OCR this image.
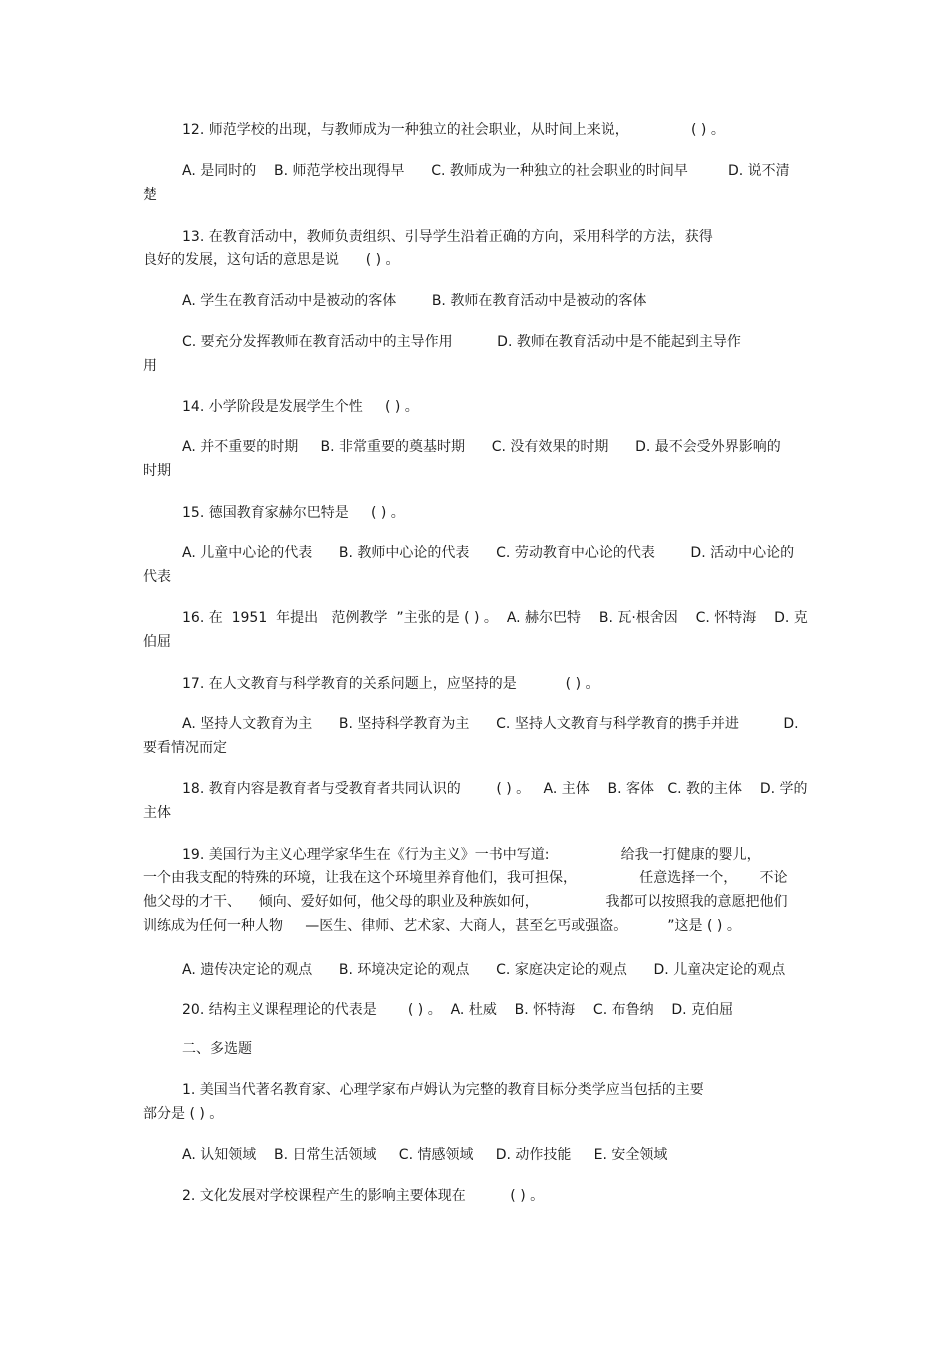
12. 师范学校的出现，与教师成为一种独立的社会职业，从时间上来说，              ( ) 。
A. 是同时的    B. 师范学校出现得早      C. 教师成为一种独立的社会职业的时间早         D. 说不清
楚
13. 在教育活动中，教师负责组织、引导学生沿着正确的方向，采用科学的方法，获得
良好的发展，这句话的意思是说      ( ) 。
A. 学生在教育活动中是被动的客体        B. 教师在教育活动中是被动的客体
C. 要充分发挥教师在教育活动中的主导作用          D. 教师在教育活动中是不能起到主导作
用
14. 小学阶段是发展学生个性     ( ) 。
A. 并不重要的时期     B. 非常重要的奠基时期      C. 没有效果的时期      D. 最不会受外界影响的
时期
15. 德国教育家赫尔巴特是     ( ) 。
A. 儿童中心论的代表      B. 教师中心论的代表      C. 劳动教育中心论的代表        D. 活动中心论的
代表
16. 在  1951  年提出   范例教学  ”主张的是 ( ) 。  A. 赫尔巴特    B. 瓦·根舍因    C. 怀特海    D. 克
伯屈
17. 在人文教育与科学教育的关系问题上，应坚持的是           ( ) 。
A. 坚持人文教育为主      B. 坚持科学教育为主      C. 坚持人文教育与科学教育的携手并进          D.
要看情况而定
18. 教育内容是教育者与受教育者共同认识的        ( ) 。   A. 主体    B. 客体   C. 教的主体    D. 学的
主体
19. 美国行为主义心理学家华生在《行为主义》一书中写道:                给我一打健康的婴儿，
一个由我支配的特殊的环境，让我在这个环境里养育他们，我可担保，              任意选择一个，     不论
他父母的才干、    倾向、爱好如何，他父母的职业及种族如何，               我都可以按照我的意愿把他们
训练成为任何一种人物     —医生、律师、艺术家、大商人，甚至乞丐或强盗。         ”这是 ( ) 。
A. 遗传决定论的观点      B. 环境决定论的观点      C. 家庭决定论的观点      D. 儿童决定论的观点
20. 结构主义课程理论的代表是       ( ) 。  A. 杜威    B. 怀特海    C. 布鲁纳    D. 克伯屈
二、多选题
1. 美国当代著名教育家、心理学家布卢姆认为完整的教育目标分类学应当包括的主要
部分是 ( ) 。
A. 认知领域    B. 日常生活领域     C. 情感领域     D. 动作技能     E. 安全领域
2. 文化发展对学校课程产生的影响主要体现在          ( ) 。
